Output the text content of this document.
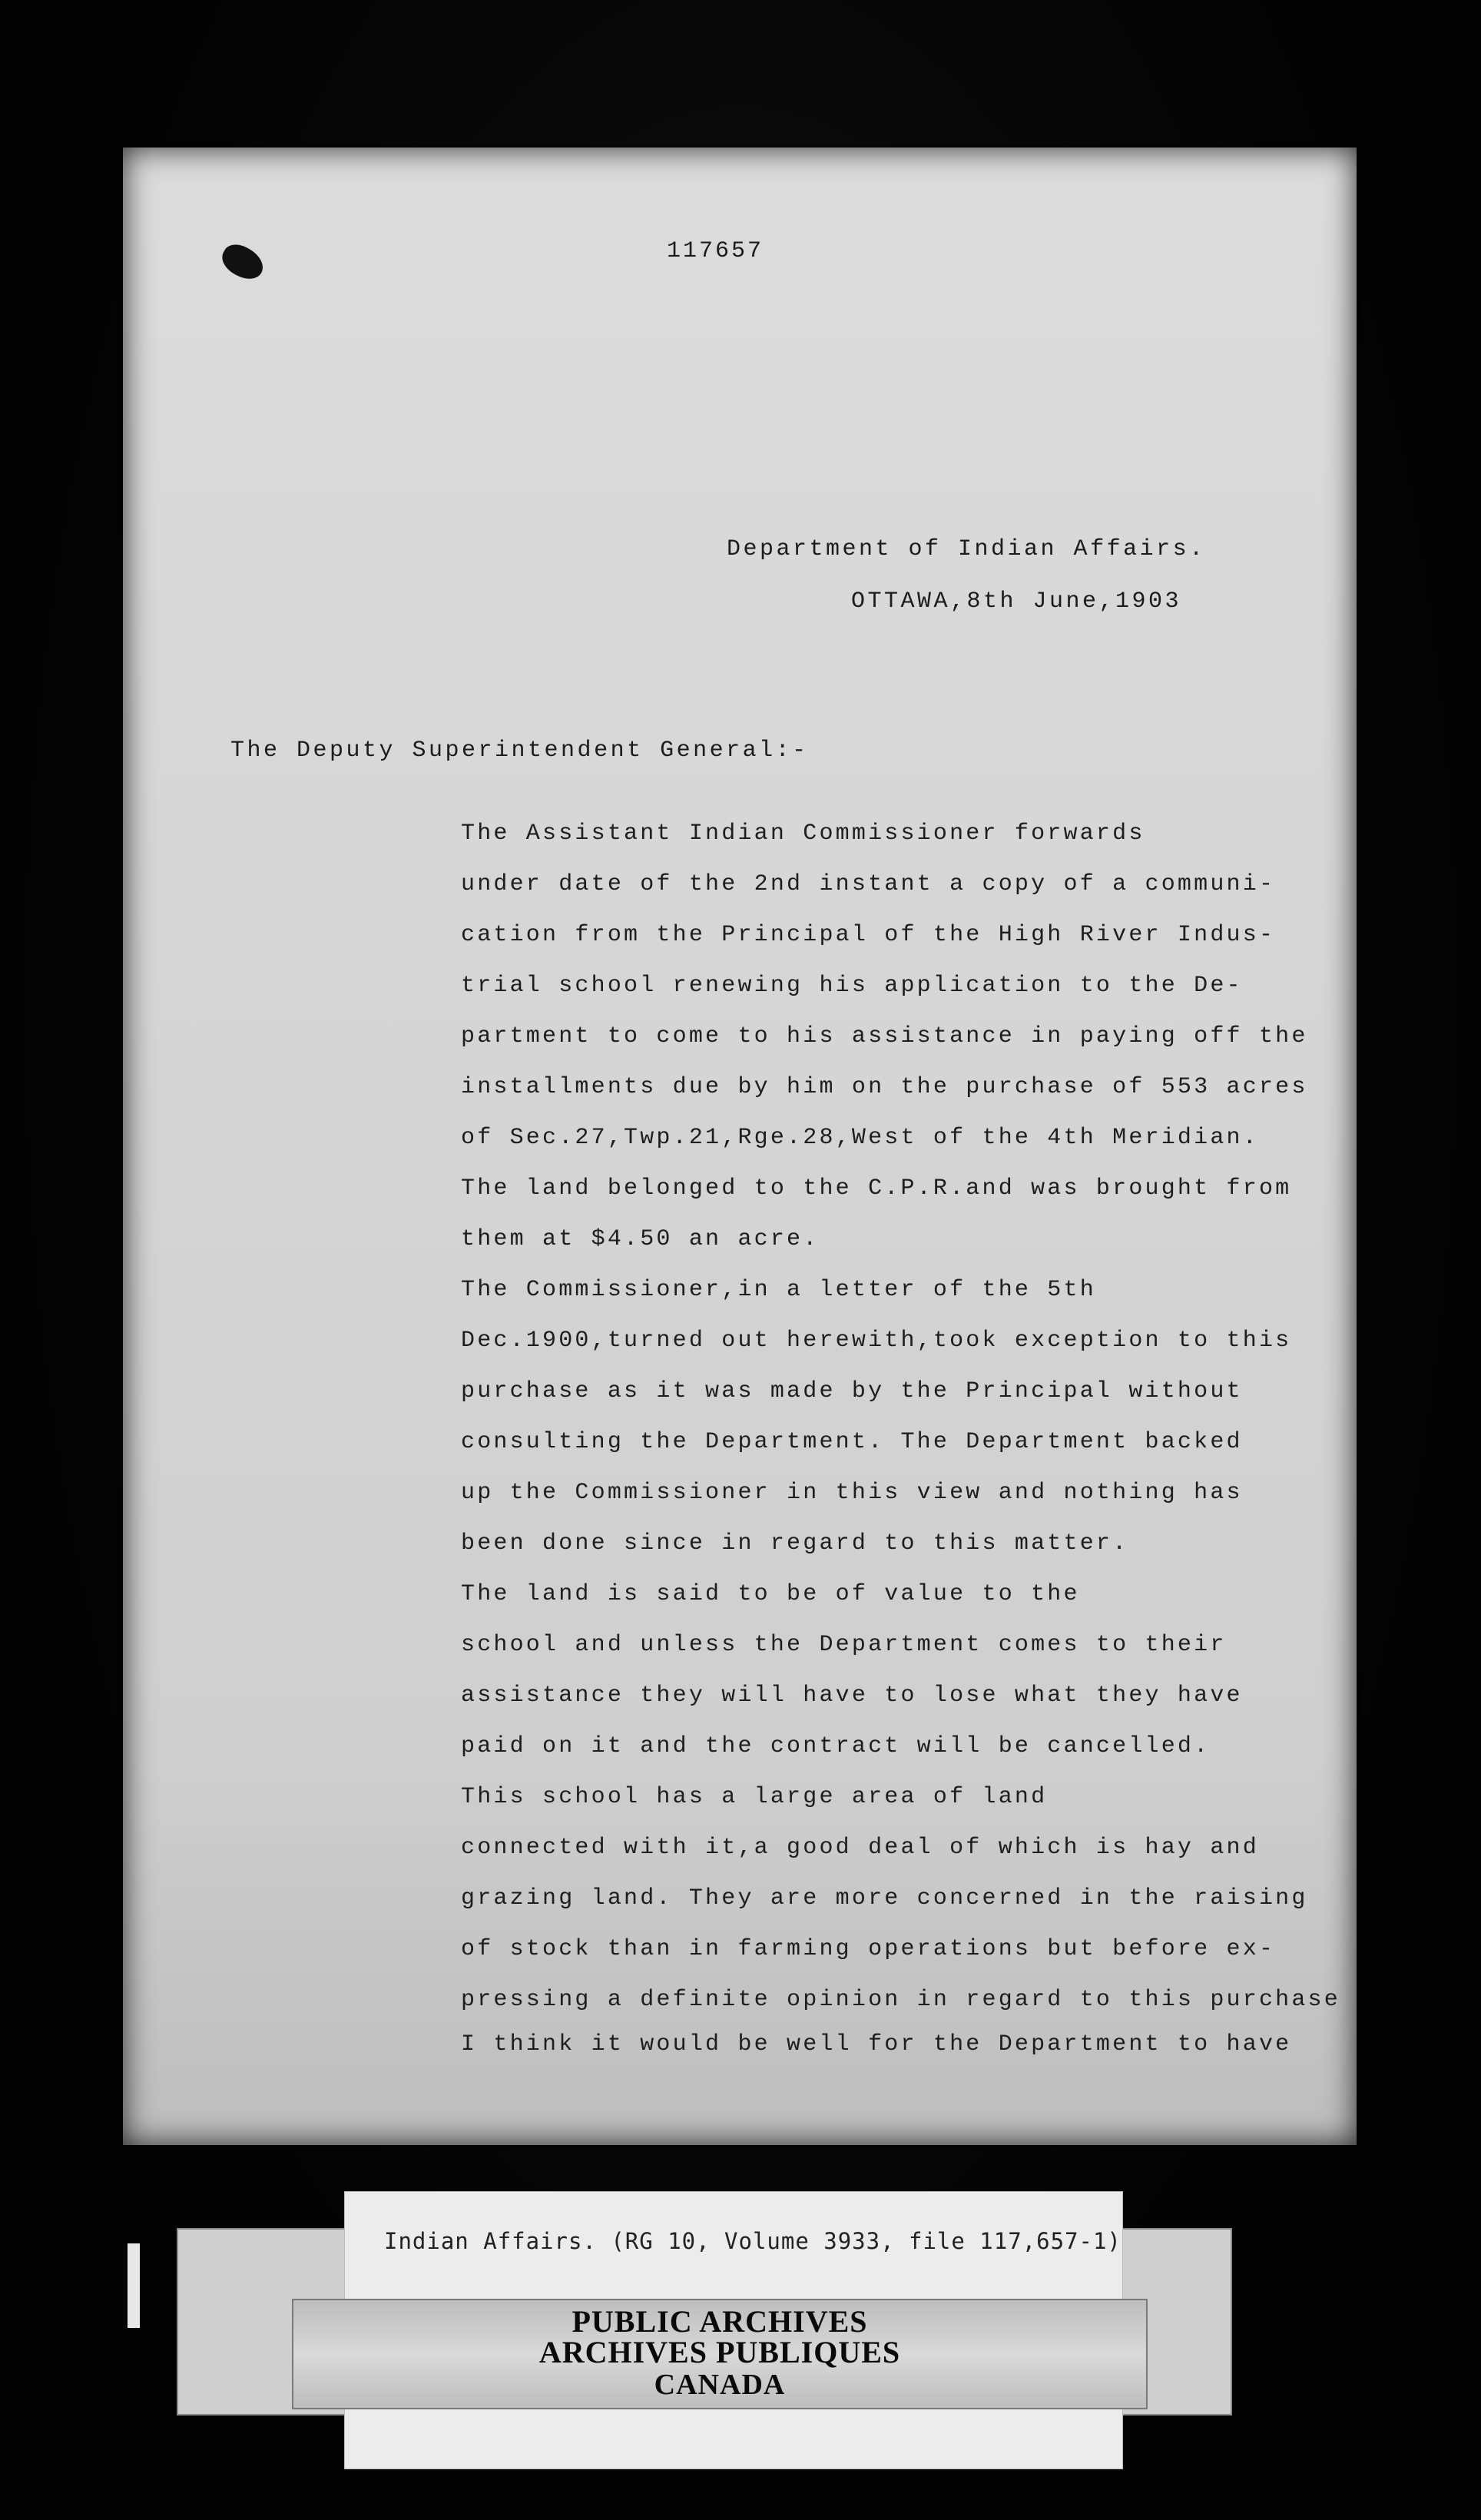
117657
Department of Indian Affairs.
OTTAWA,8th June,1903
The Deputy Superintendent General:-
The Assistant Indian Commissioner forwards
under date of the 2nd instant a copy of a communi-
cation from the Principal of the High River Indus-
trial school renewing his application to the De-
partment to come to his assistance in paying off the
installments due by him on the purchase of 553 acres
of Sec.27,Twp.21,Rge.28,West of the 4th Meridian.
The land belonged to the C.P.R.and was brought from
them at $4.50 an acre.
The Commissioner,in a letter of the 5th
Dec.1900,turned out herewith,took exception to this
purchase as it was made by the Principal without
consulting the Department. The Department backed
up the Commissioner in this view and nothing has
been done since in regard to this matter.
The land is said to be of value to the
school and unless the Department comes to their
assistance they will have to lose what they have
paid on it and the contract will be cancelled.
This school has a large area of land
connected with it,a good deal of which is hay and
grazing land. They are more concerned in the raising
of stock than in farming operations but before ex-
pressing a definite opinion in regard to this purchase
I think it would be well for the Department to have
Indian Affairs. (RG 10, Volume 3933, file 117,657-1)
PUBLIC ARCHIVES
ARCHIVES PUBLIQUES
CANADA
